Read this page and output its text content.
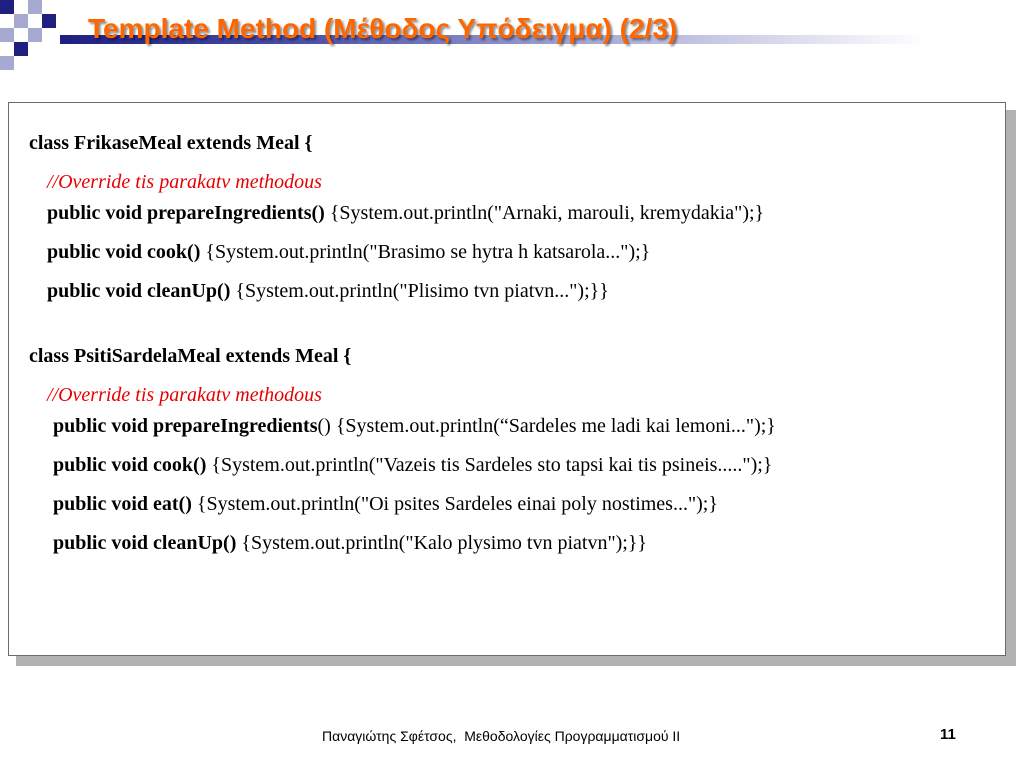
Template Method (Μέθοδος Υπόδειγμα) (2/3)
class FrikaseMeal extends Meal {
//Override tis parakatv methodous
public void prepareIngredients() {System.out.println("Arnaki, marouli, kremydakia");}
public void cook() {System.out.println("Brasimo se hytra h katsarola...");}
public void cleanUp() {System.out.println("Plisimo tvn piatvn...");}}
class PsitiSardelaMeal extends Meal {
//Override tis parakatv methodous
public void prepareIngredients() {System.out.println(“Sardeles me ladi kai lemoni...");}
public void cook() {System.out.println("Vazeis tis Sardeles sto tapsi kai tis psineis.....");}
public void eat() {System.out.println("Oi psites Sardeles einai poly nostimes...");}
public void cleanUp() {System.out.println("Kalo plysimo tvn piatvn");}}
Παναγιώτης Σφέτσος,  Μεθοδολογίες Προγραμματισμού ΙΙ	11
